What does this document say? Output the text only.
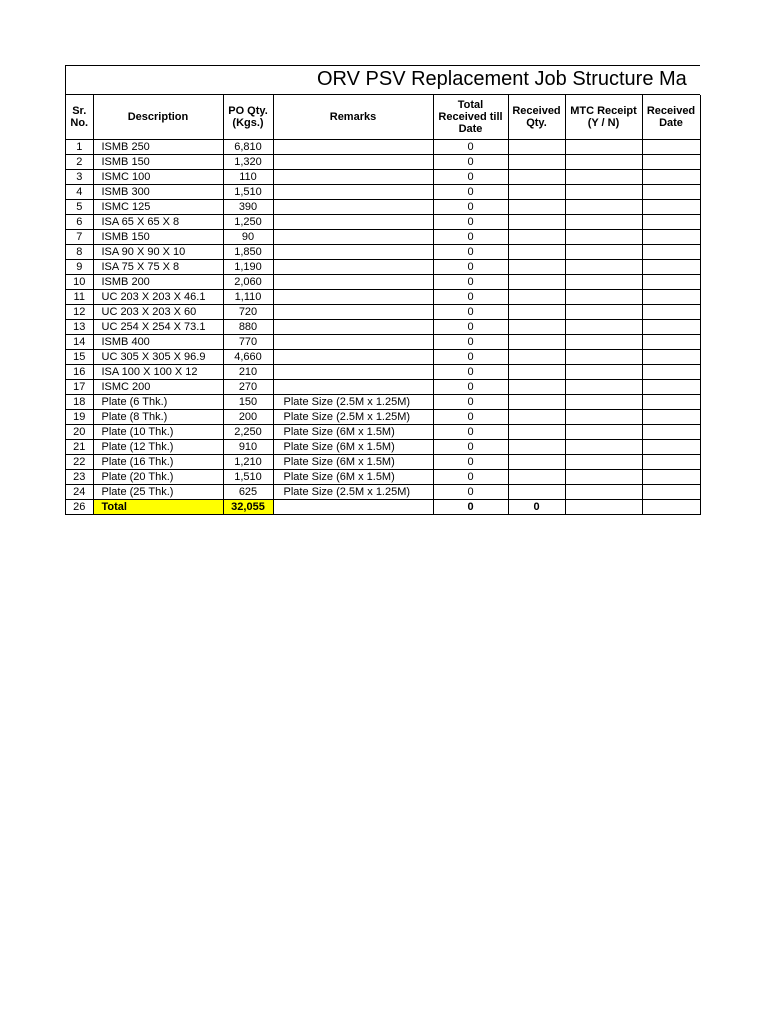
ORV PSV Replacement Job Structure Ma
Sr. No.	Description	PO Qty. (Kgs.)	Remarks	Total Received till Date	Received Qty.	MTC Receipt (Y / N)	Received Date
1	ISMB 250	6,810		0			
2	ISMB 150	1,320		0			
3	ISMC 100	110		0			
4	ISMB 300	1,510		0			
5	ISMC 125	390		0			
6	ISA 65 X 65 X 8	1,250		0			
7	ISMB 150	90		0			
8	ISA 90 X 90 X 10	1,850		0			
9	ISA 75 X 75 X 8	1,190		0			
10	ISMB 200	2,060		0			
11	UC 203 X 203 X 46.1	1,110		0			
12	UC 203 X 203 X 60	720		0			
13	UC 254 X 254 X 73.1	880		0			
14	ISMB 400	770		0			
15	UC 305 X 305 X 96.9	4,660		0			
16	ISA 100 X 100 X 12	210		0			
17	ISMC 200	270		0			
18	Plate (6 Thk.)	150	Plate Size (2.5M x 1.25M)	0			
19	Plate (8 Thk.)	200	Plate Size (2.5M x 1.25M)	0			
20	Plate (10 Thk.)	2,250	Plate Size (6M x 1.5M)	0			
21	Plate (12 Thk.)	910	Plate Size (6M x 1.5M)	0			
22	Plate (16 Thk.)	1,210	Plate Size (6M x 1.5M)	0			
23	Plate (20 Thk.)	1,510	Plate Size (6M x 1.5M)	0			
24	Plate (25 Thk.)	625	Plate Size (2.5M x 1.25M)	0			
26	Total	32,055		0	0		
